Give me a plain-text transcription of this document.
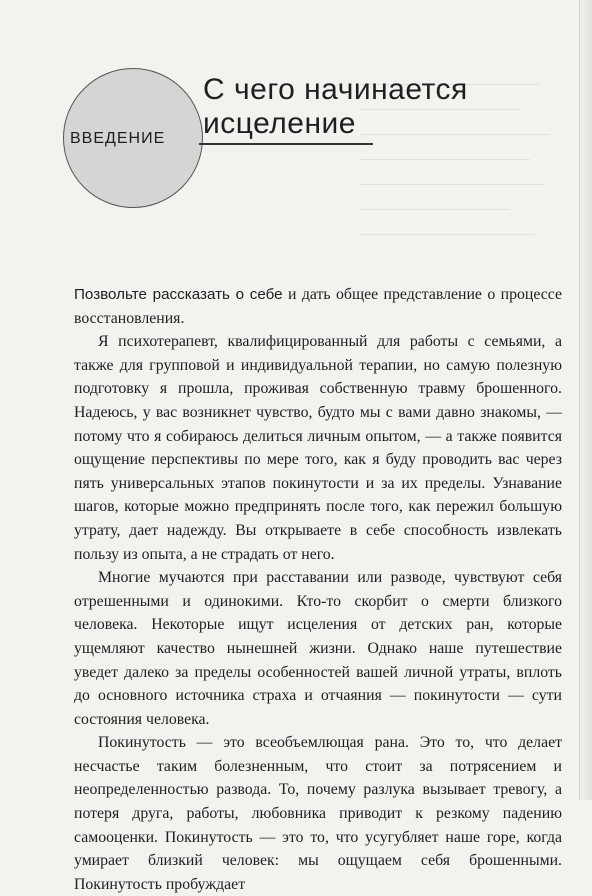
ВВЕДЕНИЕ
С чего начинается
исцеление

Позвольте рассказать о себе и дать общее представление о процессе восстановления.

Я психотерапевт, квалифицированный для работы с семьями, а также для групповой и индивидуальной терапии, но самую полезную подготовку я прошла, проживая собственную травму брошенного. Надеюсь, у вас возникнет чувство, будто мы с вами давно знакомы, — потому что я собираюсь делиться личным опытом, — а также появится ощущение перспективы по мере того, как я буду проводить вас через пять универсальных этапов покинутости и за их пределы. Узнавание шагов, которые можно предпринять после того, как пережил большую утрату, дает надежду. Вы открываете в себе способность извлекать пользу из опыта, а не страдать от него.

Многие мучаются при расставании или разводе, чувствуют себя отрешенными и одинокими. Кто-то скорбит о смерти близкого человека. Некоторые ищут исцеления от детских ран, которые ущемляют качество нынешней жизни. Однако наше путешествие уведет далеко за пределы особенностей вашей личной утраты, вплоть до основного источника страха и отчаяния — покинутости — сути состояния человека.

Покинутость — это всеобъемлющая рана. Это то, что делает несчастье таким болезненным, что стоит за потрясением и неопределенностью развода. То, почему разлука вызывает тревогу, а потеря друга, работы, любовника приводит к резкому падению самооценки. Покинутость — это то, что усугубляет наше горе, когда умирает близкий человек: мы ощущаем себя брошенными. Покинутость пробуждает
